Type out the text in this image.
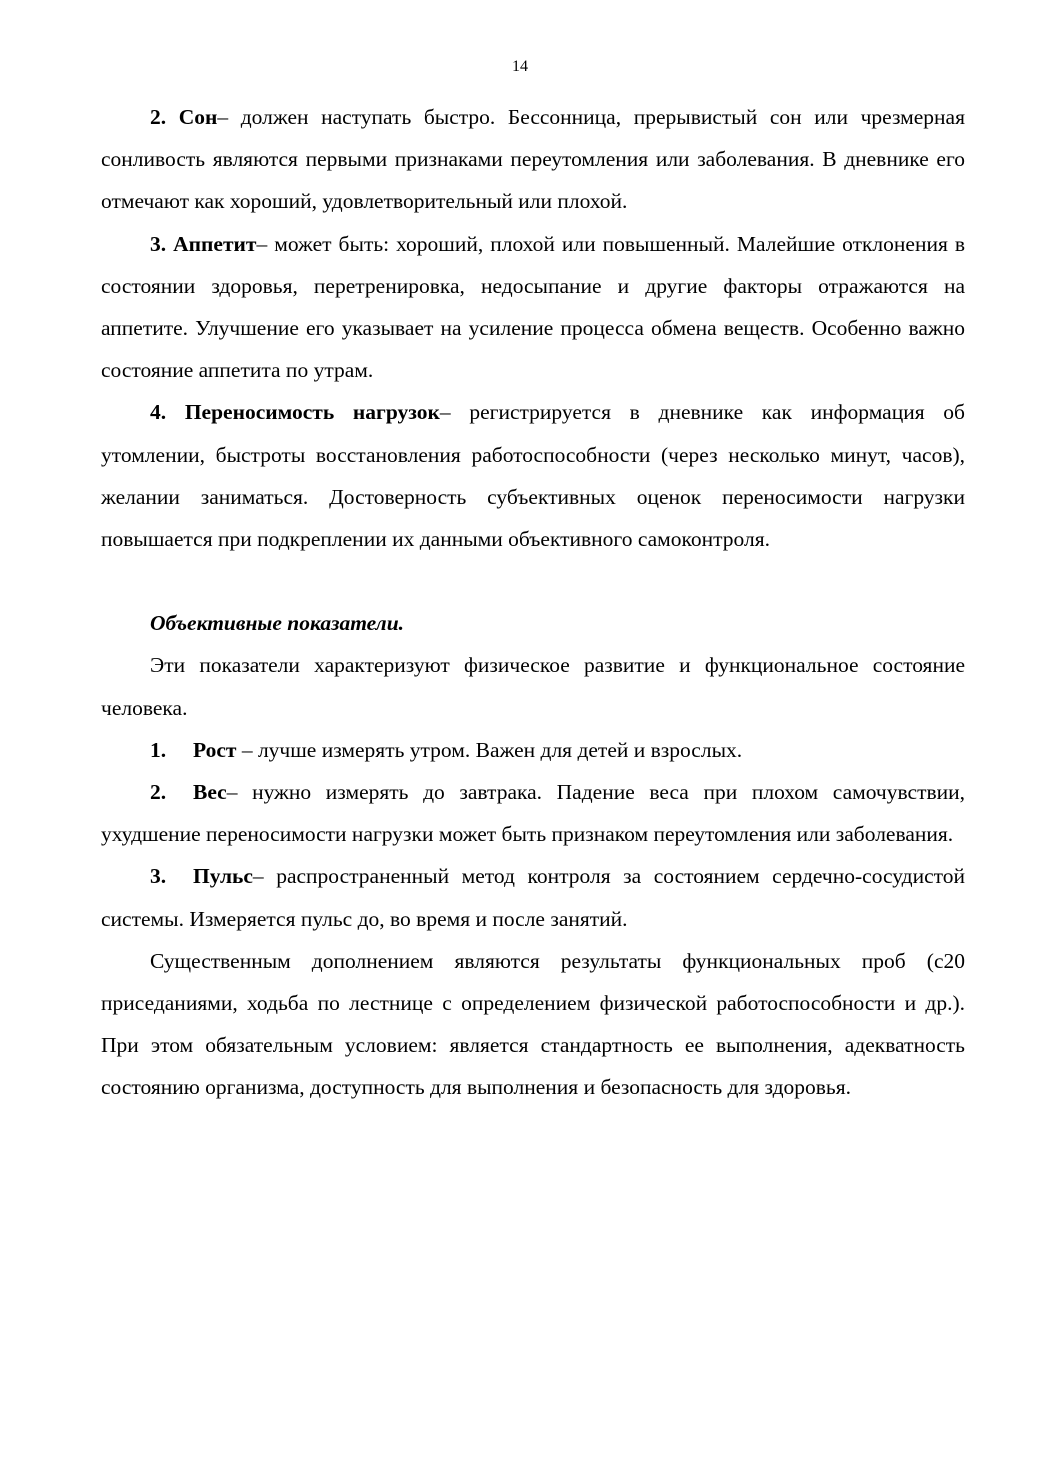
14

2. Сон– должен наступать быстро. Бессонница, прерывистый сон или чрезмерная сонливость являются первыми признаками переутомления или заболевания. В дневнике его отмечают как хороший, удовлетворительный или плохой.

3. Аппетит– может быть: хороший, плохой или повышенный. Малейшие отклонения в состоянии здоровья, перетренировка, недосыпание и другие факторы отражаются на аппетите. Улучшение его указывает на усиление процесса обмена веществ. Особенно важно состояние аппетита по утрам.

4. Переносимость нагрузок– регистрируется в дневнике как информация об утомлении, быстроты восстановления работоспособности (через несколько минут, часов), желании заниматься. Достоверность субъективных оценок переносимости нагрузки повышается при подкреплении их данными объективного самоконтроля.

Объективные показатели.

Эти показатели характеризуют физическое развитие и функциональное состояние человека.

1. Рост – лучше измерять утром. Важен для детей и взрослых.

2. Вес– нужно измерять до завтрака. Падение веса при плохом самочувствии, ухудшение переносимости нагрузки может быть признаком переутомления или заболевания.

3. Пульс– распространенный метод контроля за состоянием сердечно-сосудистой системы. Измеряется пульс до, во время и после занятий.

Существенным дополнением являются результаты функциональных проб (с20 приседаниями, ходьба по лестнице с определением физической работоспособности и др.). При этом обязательным условием: является стандартность ее выполнения, адекватность состоянию организма, доступность для выполнения и безопасность для здоровья.
